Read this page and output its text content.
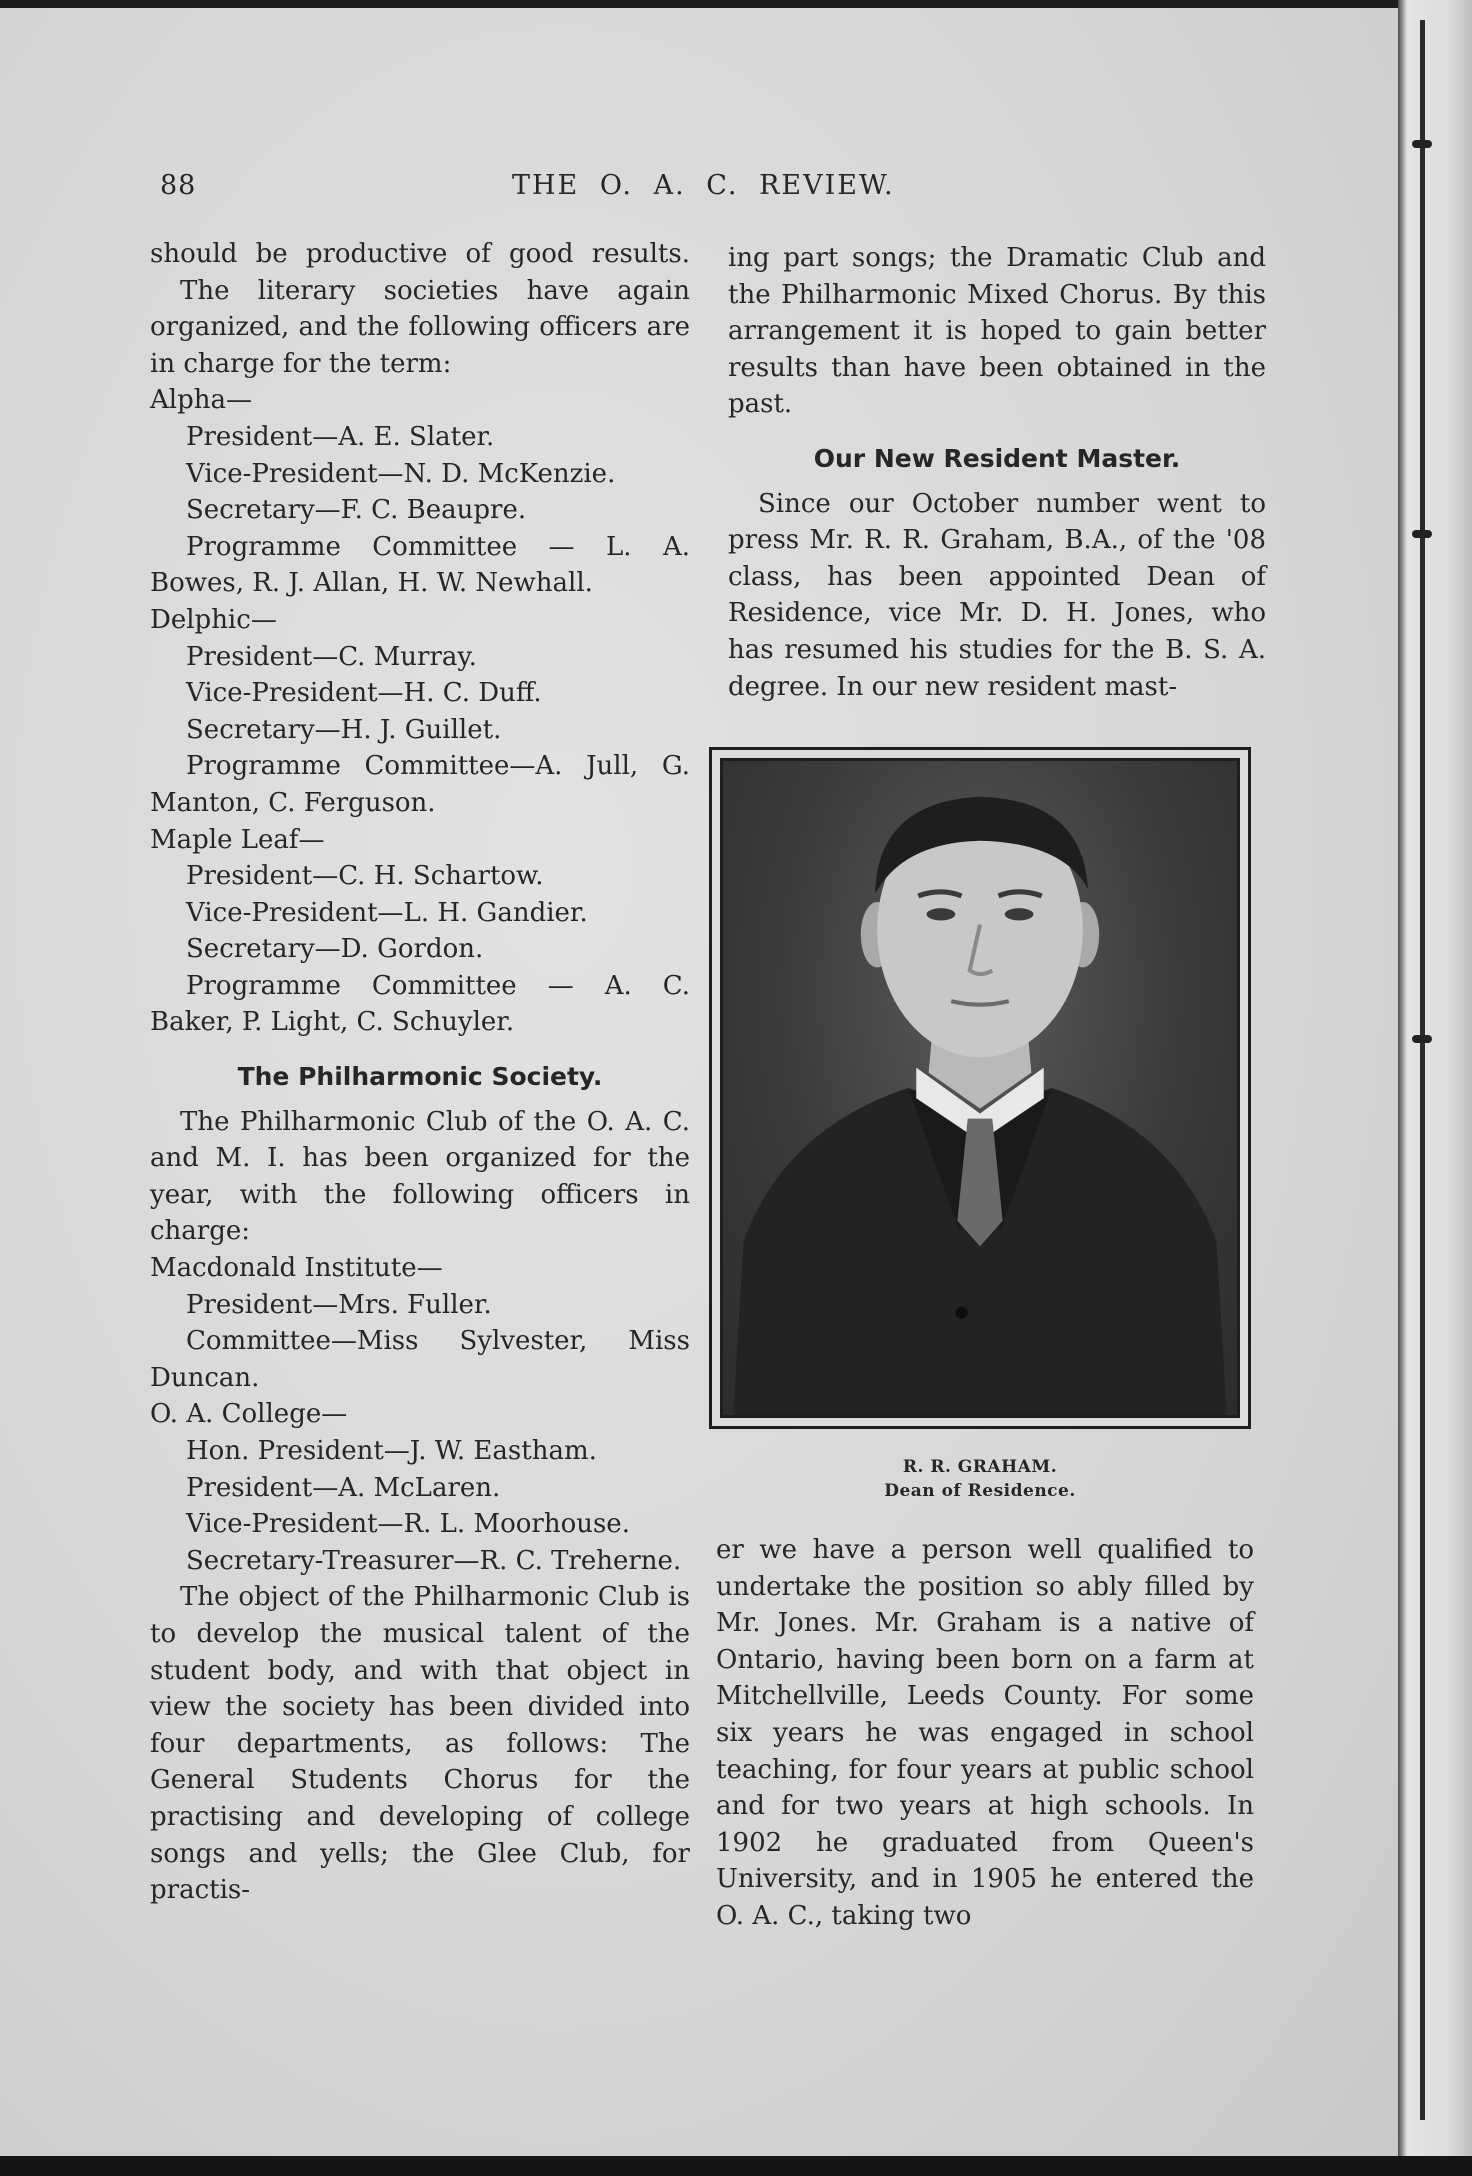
88	THE O. A. C. REVIEW.

should be productive of good results.

The literary societies have again organized, and the following officers are in charge for the term:

Alpha—

President—A. E. Slater.

Vice-President—N. D. McKenzie.

Secretary—F. C. Beaupre.

Programme Committee — L. A. Bowes, R. J. Allan, H. W. Newhall.

Delphic—

President—C. Murray.

Vice-President—H. C. Duff.

Secretary—H. J. Guillet.

Programme Committee—A. Jull, G. Manton, C. Ferguson.

Maple Leaf—

President—C. H. Schartow.

Vice-President—L. H. Gandier.

Secretary—D. Gordon.

Programme Committee — A. C. Baker, P. Light, C. Schuyler.

The Philharmonic Society.

The Philharmonic Club of the O. A. C. and M. I. has been organized for the year, with the following officers in charge:

Macdonald Institute—

President—Mrs. Fuller.

Committee—Miss Sylvester, Miss Duncan.

O. A. College—

Hon. President—J. W. Eastham.

President—A. McLaren.

Vice-President—R. L. Moorhouse.

Secretary-Treasurer—R. C. Treherne.

The object of the Philharmonic Club is to develop the musical talent of the student body, and with that object in view the society has been divided into four departments, as follows: The General Students Chorus for the practising and developing of college songs and yells; the Glee Club, for practis-

ing part songs; the Dramatic Club and the Philharmonic Mixed Chorus. By this arrangement it is hoped to gain better results than have been obtained in the past.

Our New Resident Master.

Since our October number went to press Mr. R. R. Graham, B.A., of the '08 class, has been appointed Dean of Residence, vice Mr. D. H. Jones, who has resumed his studies for the B. S. A. degree. In our new resident mast-

R. R. GRAHAM.
Dean of Residence.

er we have a person well qualified to undertake the position so ably filled by Mr. Jones. Mr. Graham is a native of Ontario, having been born on a farm at Mitchellville, Leeds County. For some six years he was engaged in school teaching, for four years at public school and for two years at high schools. In 1902 he graduated from Queen's University, and in 1905 he entered the O. A. C., taking two
